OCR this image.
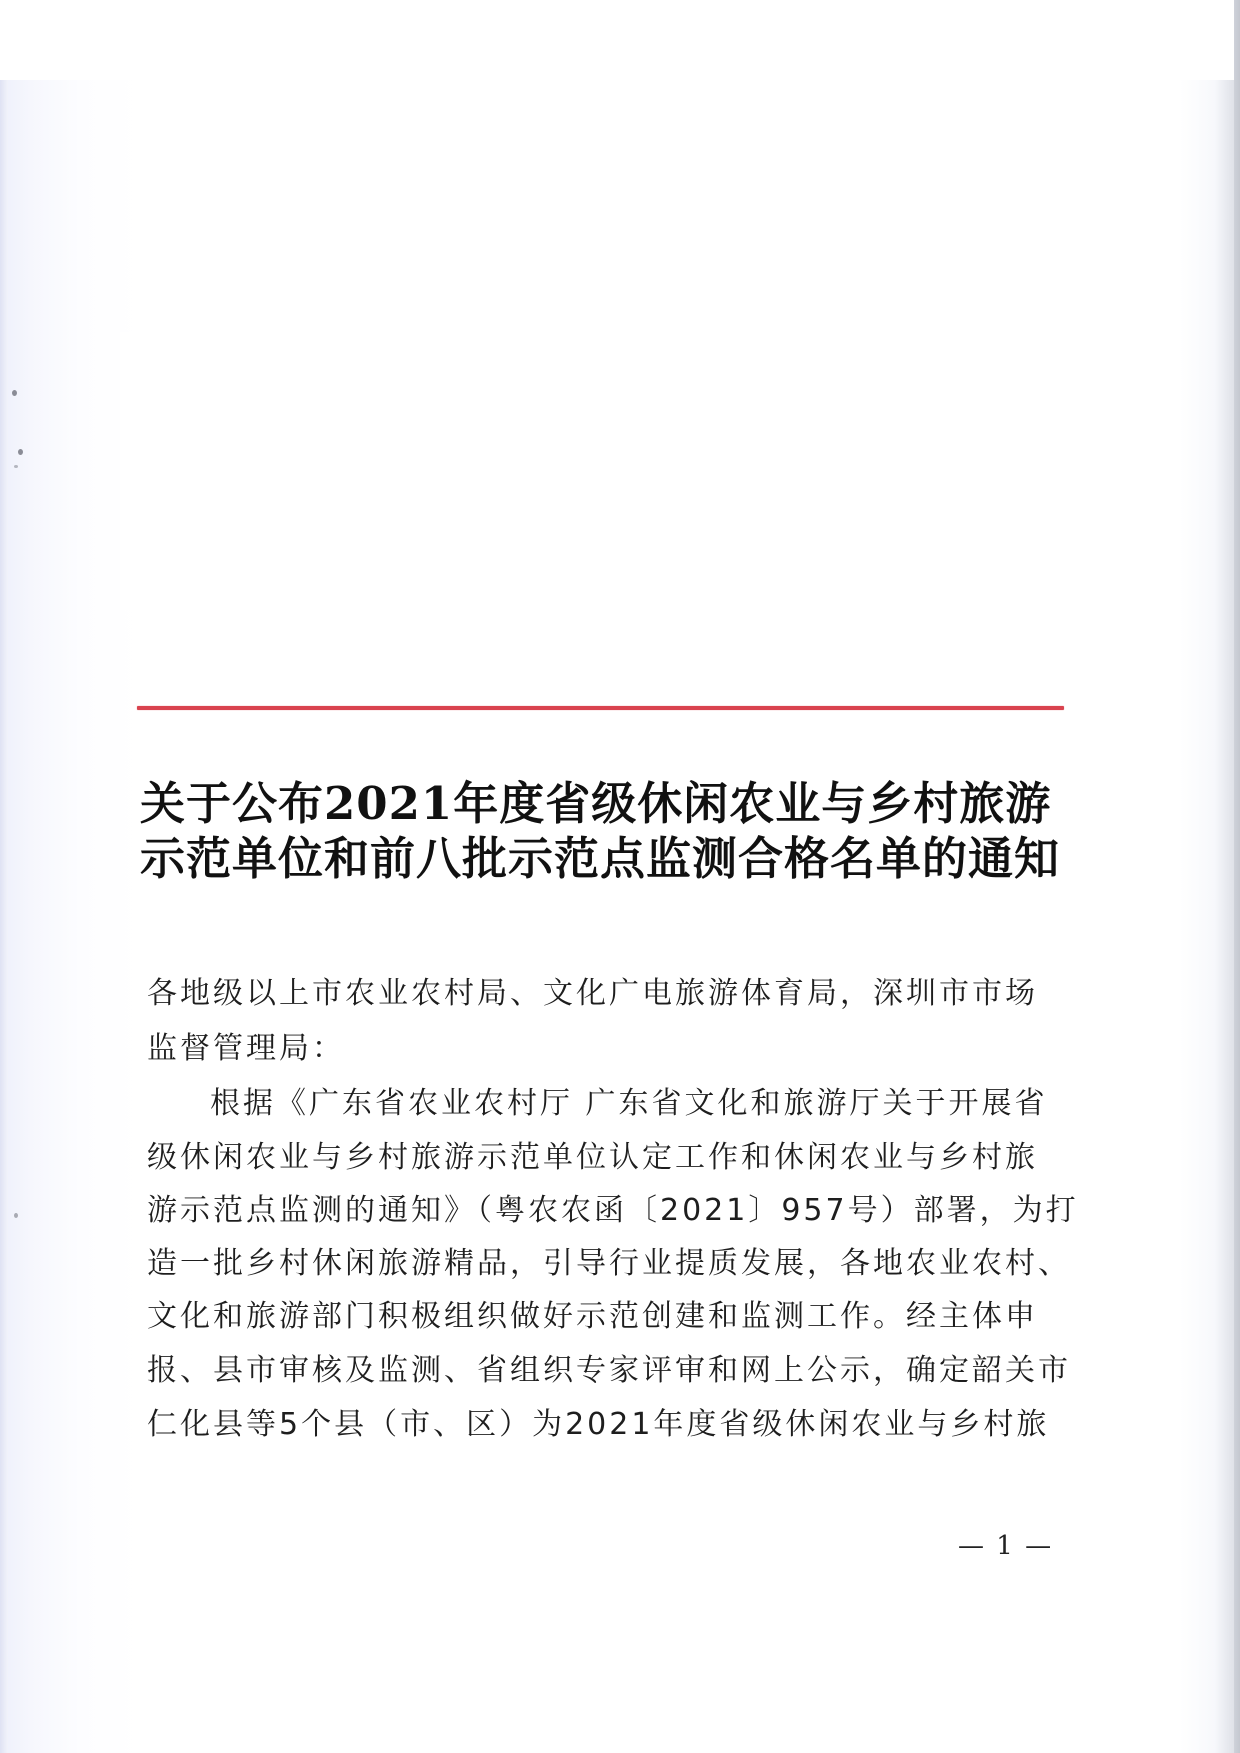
关于公布2021年度省级休闲农业与乡村旅游
示范单位和前八批示范点监测合格名单的通知
各地级以上市农业农村局、文化广电旅游体育局，深圳市市场
监督管理局：
根据《广东省农业农村厅 广东省文化和旅游厅关于开展省
级休闲农业与乡村旅游示范单位认定工作和休闲农业与乡村旅
游示范点监测的通知》（粤农农函〔2021〕957号）部署，为打
造一批乡村休闲旅游精品，引导行业提质发展，各地农业农村、
文化和旅游部门积极组织做好示范创建和监测工作。经主体申
报、县市审核及监测、省组织专家评审和网上公示，确定韶关市
仁化县等5个县（市、区）为2021年度省级休闲农业与乡村旅
— 1 —
